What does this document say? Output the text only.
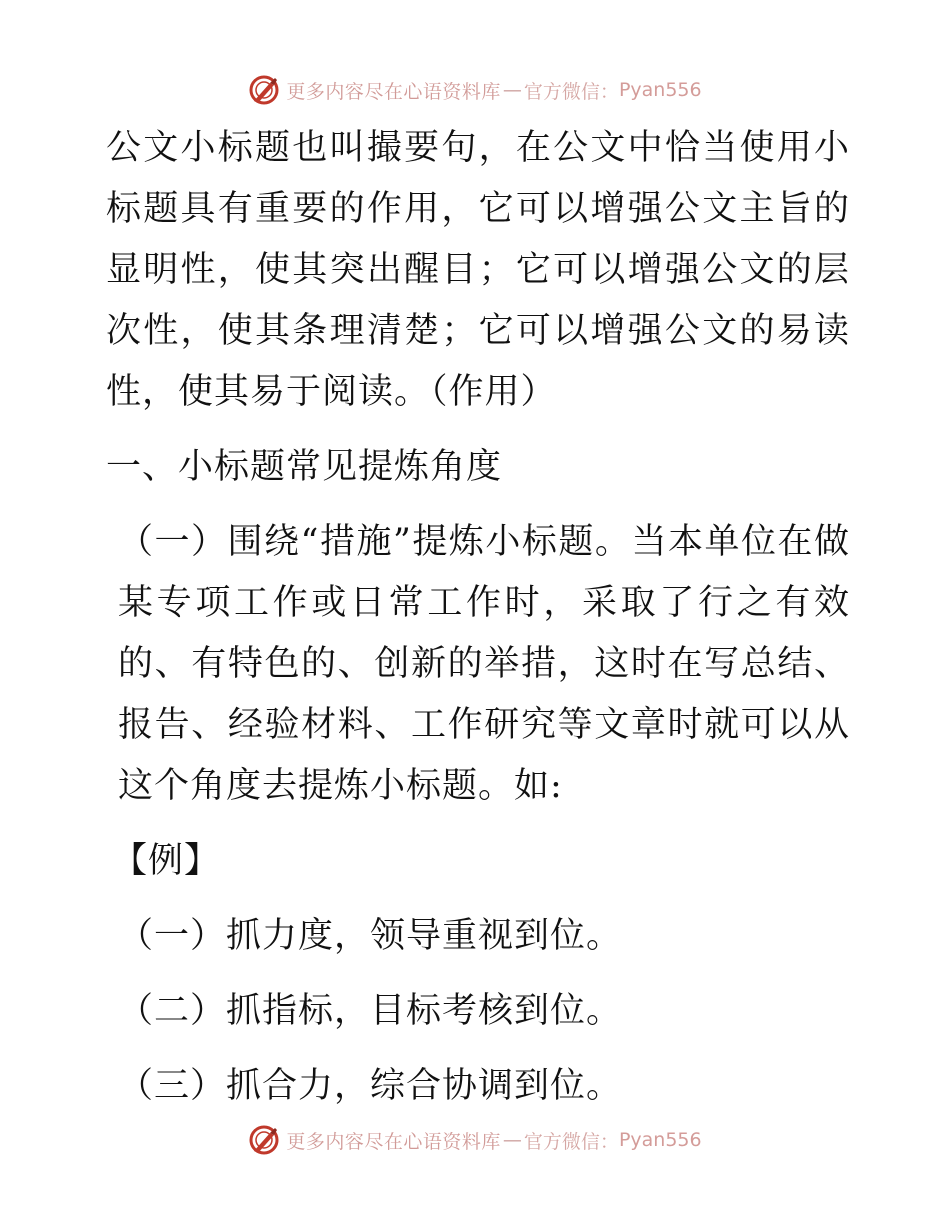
更多内容尽在心语资料库 — 官方微信： Pyan556

公文小标题也叫撮要句，在公文中恰当使用小标题具有重要的作用，它可以增强公文主旨的显明性，使其突出醒目；它可以增强公文的层次性，使其条理清楚；它可以增强公文的易读性，使其易于阅读。（作用）

一、小标题常见提炼角度

（一）围绕“措施”提炼小标题。当本单位在做某专项工作或日常工作时，采取了行之有效的、有特色的、创新的举措，这时在写总结、报告、经验材料、工作研究等文章时就可以从这个角度去提炼小标题。如:

【例】

（一）抓力度，领导重视到位。

（二）抓指标，目标考核到位。

（三）抓合力，综合协调到位。

更多内容尽在心语资料库 — 官方微信： Pyan556
